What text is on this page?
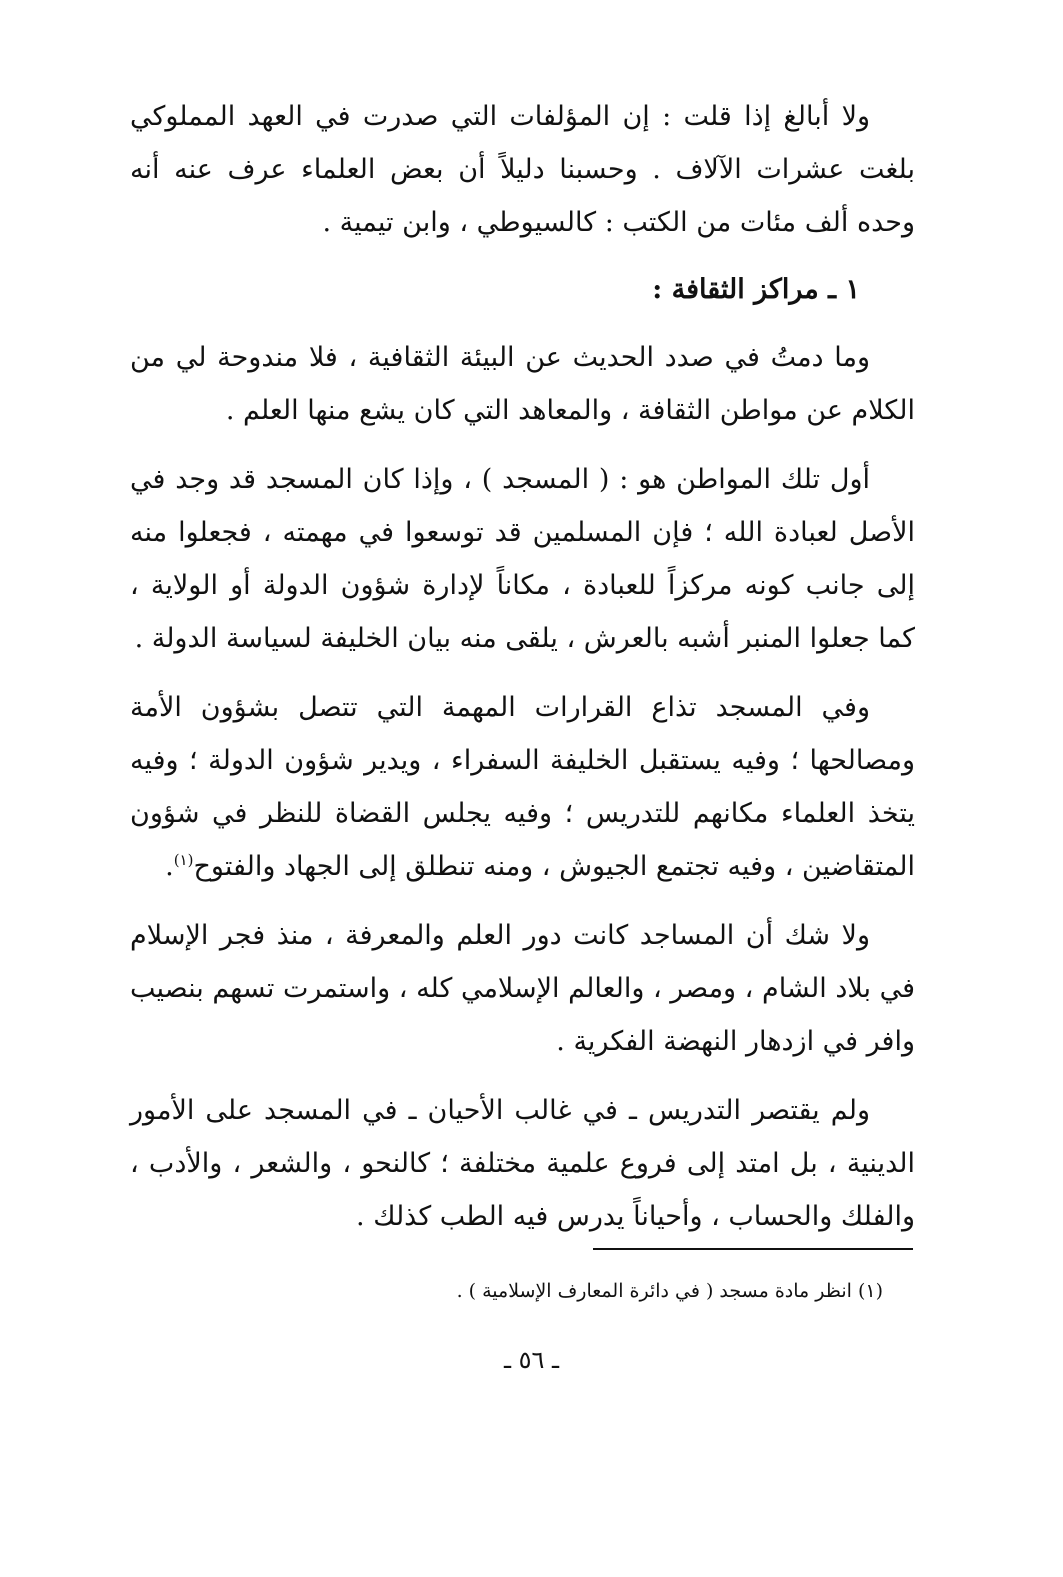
ولا أبالغ إذا قلت : إن المؤلفات التي صدرت في العهد المملوكي بلغت عشرات الآلاف . وحسبنا دليلاً أن بعض العلماء عرف عنه أنه وحده ألف مئات من الكتب : كالسيوطي ، وابن تيمية .

١ ـ مراكز الثقافة :

وما دمتُ في صدد الحديث عن البيئة الثقافية ، فلا مندوحة لي من الكلام عن مواطن الثقافة ، والمعاهد التي كان يشع منها العلم .

أول تلك المواطن هو : ( المسجد ) ، وإذا كان المسجد قد وجد في الأصل لعبادة الله ؛ فإن المسلمين قد توسعوا في مهمته ، فجعلوا منه إلى جانب كونه مركزاً للعبادة ، مكاناً لإدارة شؤون الدولة أو الولاية ، كما جعلوا المنبر أشبه بالعرش ، يلقى منه بيان الخليفة لسياسة الدولة .

وفي المسجد تذاع القرارات المهمة التي تتصل بشؤون الأمة ومصالحها ؛ وفيه يستقبل الخليفة السفراء ، ويدير شؤون الدولة ؛ وفيه يتخذ العلماء مكانهم للتدريس ؛ وفيه يجلس القضاة للنظر في شؤون المتقاضين ، وفيه تجتمع الجيوش ، ومنه تنطلق إلى الجهاد والفتوح$^{(١)}$.

ولا شك أن المساجد كانت دور العلم والمعرفة ، منذ فجر الإسلام في بلاد الشام ، ومصر ، والعالم الإسلامي كله ، واستمرت تسهم بنصيب وافر في ازدهار النهضة الفكرية .

ولم يقتصر التدريس ـ في غالب الأحيان ـ في المسجد على الأمور الدينية ، بل امتد إلى فروع علمية مختلفة ؛ كالنحو ، والشعر ، والأدب ، والفلك والحساب ، وأحياناً يدرس فيه الطب كذلك .

(١) انظر مادة مسجد ( في دائرة المعارف الإسلامية ) .
ـ ٥٦ ـ
